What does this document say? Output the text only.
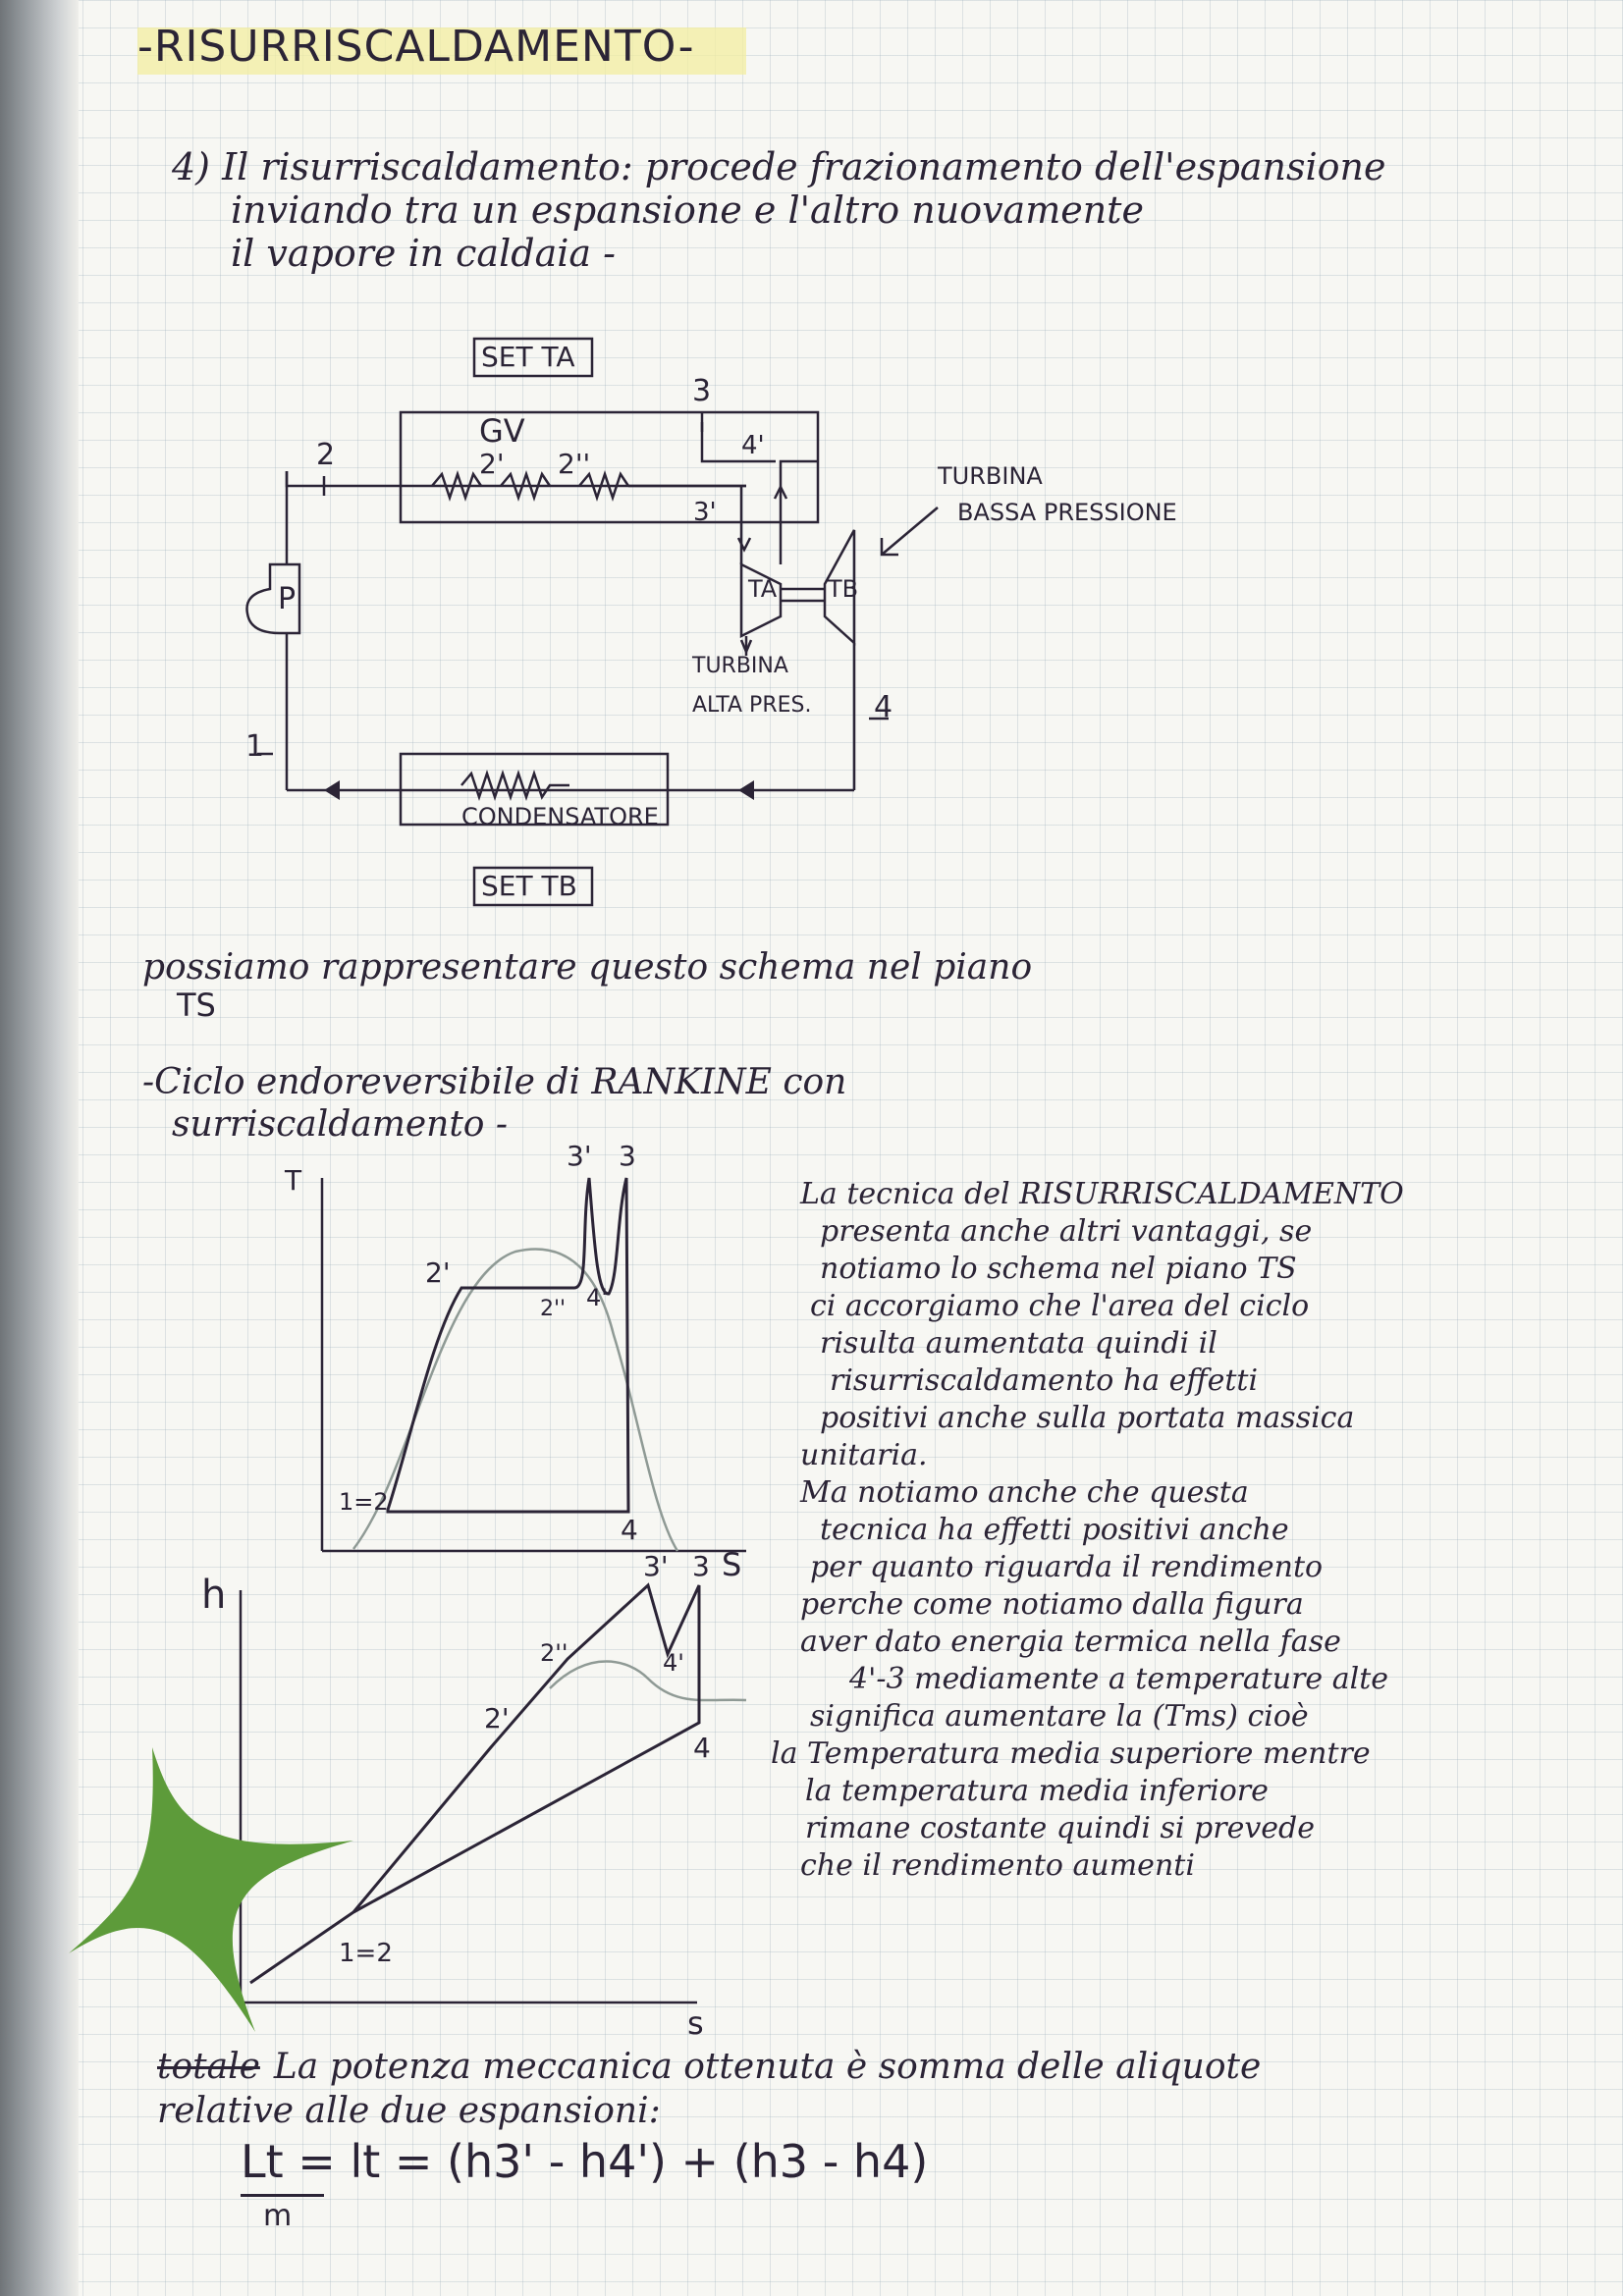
-RISURRISCALDAMENTO-
4) Il risurriscaldamento: procede frazionamento dell'espansione
inviando tra un espansione e l'altro nuovamente
il vapore in caldaia -
SET TA
SET TB
GV
3
2	2' 2''
4'
3'
1
4
P	TA TB
TURBINA
BASSA PRESSIONE
TURBINA
ALTA PRES.
CONDENSATORE
possiamo rappresentare questo schema nel piano
TS
-Ciclo endoreversibile di RANKINE con
surriscaldamento -
T
3' 3
2'
2'' 4'
1=2
4
h
S
s
3' 3
2''
2'
4'
4
1=2
La tecnica del RISURRISCALDAMENTO
presenta anche altri vantaggi, se
notiamo lo schema nel piano TS
ci accorgiamo che l'area del ciclo
risulta aumentata quindi il
risurriscaldamento ha effetti
positivi anche sulla portata massica
unitaria.
Ma notiamo anche che questa
tecnica ha effetti positivi anche
per quanto riguarda il rendimento
perche come notiamo dalla figura
aver dato energia termica nella fase
4'-3 mediamente a temperature alte
significa aumentare la (Tms) cioè
la Temperatura media superiore mentre
la temperatura media inferiore
rimane costante quindi si prevede
che il rendimento aumenti
totale La potenza meccanica ottenuta è somma delle aliquote
relative alle due espansioni:
Lt = lt = (h3' - h4') + (h3 - h4)
m
